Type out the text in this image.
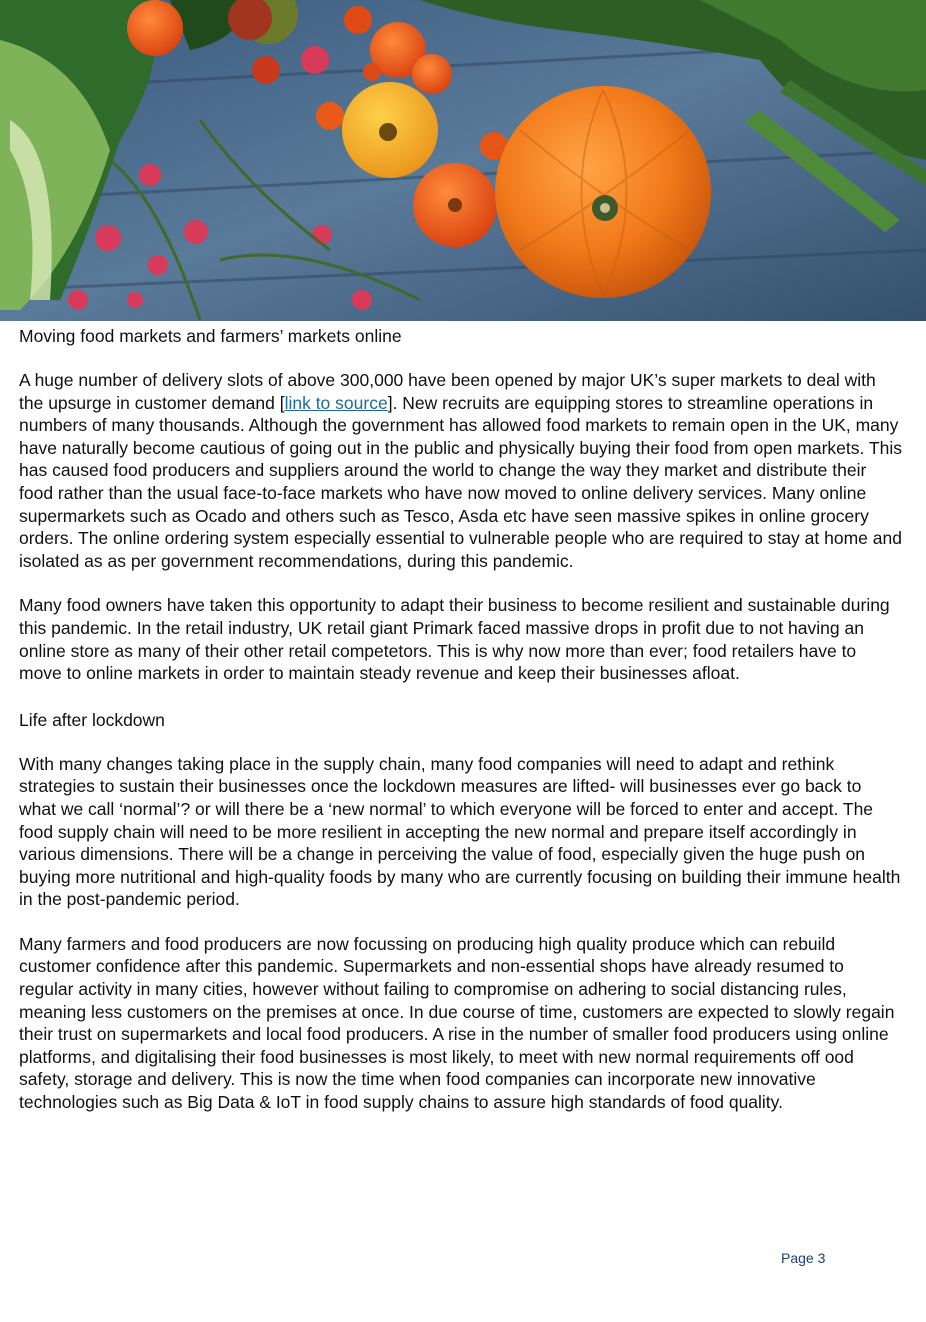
Moving food markets and farmers’ markets online

A huge number of delivery slots of above 300,000 have been opened by major UK’s super markets to deal with the upsurge in customer demand [link to source]. New recruits are equipping stores to streamline operations in numbers of many thousands. Although the government has allowed food markets to remain open in the UK, many have naturally become cautious of going out in the public and physically buying their food from open markets. This has caused food producers and suppliers around the world to change the way they market and distribute their food rather than the usual face-to-face markets who have now moved to online delivery services. Many online supermarkets such as Ocado and others such as Tesco, Asda etc have seen massive spikes in online grocery orders. The online ordering system especially essential to vulnerable people who are required to stay at home and isolated as as per government recommendations, during this pandemic.

Many food owners have taken this opportunity to adapt their business to become resilient and sustainable during this pandemic. In the retail industry, UK retail giant Primark faced massive drops in profit due to not having an online store as many of their other retail competetors. This is why now more than ever; food retailers have to move to online markets in order to maintain steady revenue and keep their businesses afloat.

Life after lockdown

With many changes taking place in the supply chain, many food companies will need to adapt and rethink strategies to sustain their businesses once the lockdown measures are lifted- will businesses ever go back to what we call ‘normal’? or will there be a ‘new normal’ to which everyone will be forced to enter and accept. The food supply chain will need to be more resilient in accepting the new normal and prepare itself accordingly in various dimensions. There will be a change in perceiving the value of food, especially given the huge push on buying more nutritional and high-quality foods by many who are currently focusing on building their immune health in the post-pandemic period.

Many farmers and food producers are now focussing on producing high quality produce which can rebuild customer confidence after this pandemic. Supermarkets and non-essential shops have already resumed to regular activity in many cities, however without failing to compromise on adhering to social distancing rules, meaning less customers on the premises at once. In due course of time, customers are expected to slowly regain their trust on supermarkets and local food producers. A rise in the number of smaller food producers using online platforms, and digitalising their food businesses is most likely, to meet with new normal requirements off ood safety, storage and delivery. This is now the time when food companies can incorporate new innovative technologies such as Big Data & IoT in food supply chains to assure high standards of food quality.

Page 3
